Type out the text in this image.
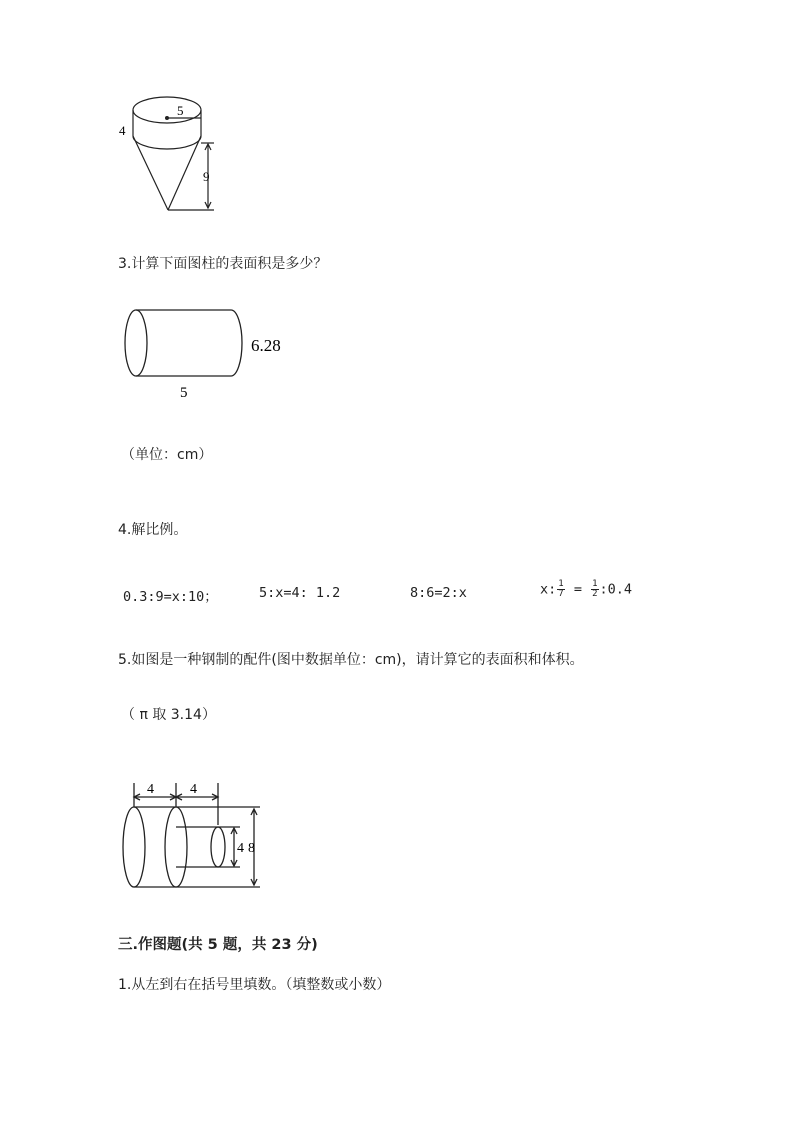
5
4
9
3.计算下面图柱的表面积是多少？
6.28
5
（单位：cm）
4.解比例。
0.3:9=x:10；	5:x=4: 1.2	8:6=2:x	x: $\frac{1}{7} = \frac{1}{2}$ :0.4
5.如图是一种钢制的配件(图中数据单位：cm)，请计算它的表面积和体积。
（ π 取 3.14）
4	4
4 8
三.作图题(共 5 题，共 23 分)
1.从左到右在括号里填数。（填整数或小数）
